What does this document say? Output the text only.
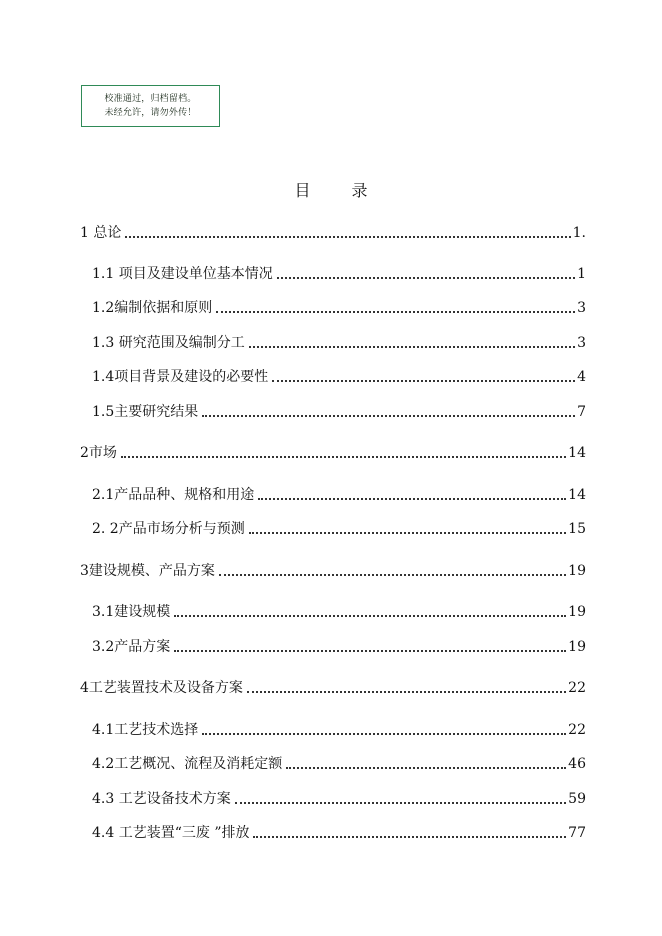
校准通过，归档留档。
未经允许，请勿外传！
目 录
1 总论	1.
1.1 项目及建设单位基本情况	1
1.2编制依据和原则	3
1.3 研究范围及编制分工	3
1.4项目背景及建设的必要性	4
1.5主要研究结果	7
2市场	14
2.1产品品种、规格和用途	14
2. 2产品市场分析与预测	15
3建设规模、产品方案	19
3.1建设规模	19
3.2产品方案	19
4工艺装置技术及设备方案	22
4.1工艺技术选择	22
4.2工艺概况、流程及消耗定额	46
4.3 工艺设备技术方案	59
4.4 工艺装置“三废 ”排放	77
